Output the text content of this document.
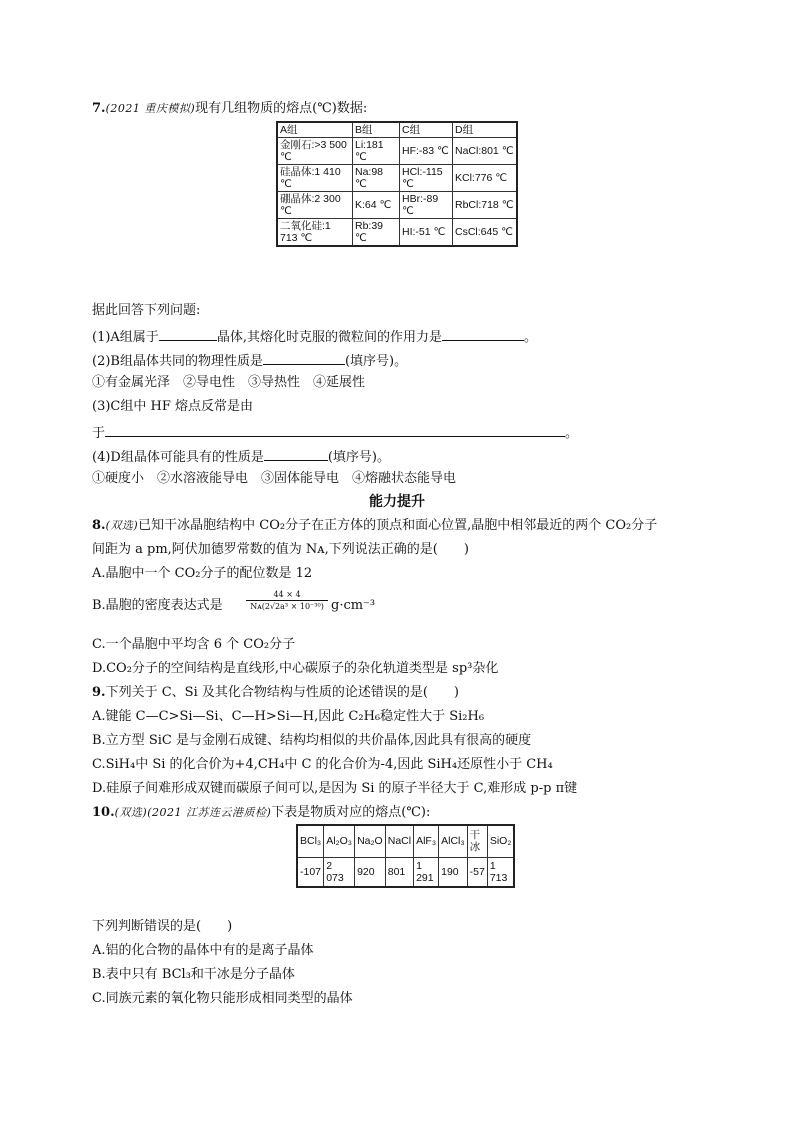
7.(2021 重庆模拟)现有几组物质的熔点(℃)数据:
A组	B组	C组	D组
金刚石:>3 500 ℃	Li:181 ℃	HF:-83 ℃	NaCl:801 ℃
硅晶体:1 410 ℃	Na:98 ℃	HCl:-115 ℃	KCl:776 ℃
硼晶体:2 300 ℃	K:64 ℃	HBr:-89 ℃	RbCl:718 ℃
二氧化硅:1 713 ℃	Rb:39 ℃	HI:-51 ℃	CsCl:645 ℃
据此回答下列问题:
(1)A组属于	晶体,其熔化时克服的微粒间的作用力是	。
(2)B组晶体共同的物理性质是	(填序号)。
①有金属光泽　②导电性　③导热性　④延展性
(3)C组中 HF 熔点反常是由
于	。
(4)D组晶体可能具有的性质是	(填序号)。
①硬度小　②水溶液能导电　③固体能导电　④熔融状态能导电
能力提升
8.(双选)已知干冰晶胞结构中 CO₂分子在正方体的顶点和面心位置,晶胞中相邻最近的两个 CO₂分子
间距为 a pm,阿伏加德罗常数的值为 Nᴀ,下列说法正确的是(　　)
A.晶胞中一个 CO₂分子的配位数是 12
B.晶胞的密度表达式是	$\frac{44 \times 4}{\text{Nᴀ(2√2a³ × 10⁻³⁰)}} g\cdot cm^{-3}$
C.一个晶胞中平均含 6 个 CO₂分子
D.CO₂分子的空间结构是直线形,中心碳原子的杂化轨道类型是 sp³杂化
9.下列关于 C、Si 及其化合物结构与性质的论述错误的是(　　)
A.键能 C—C>Si—Si、C—H>Si—H,因此 C₂H₆稳定性大于 Si₂H₆
B.立方型 SiC 是与金刚石成键、结构均相似的共价晶体,因此具有很高的硬度
C.SiH₄中 Si 的化合价为+4,CH₄中 C 的化合价为-4,因此 SiH₄还原性小于 CH₄
D.硅原子间难形成双键而碳原子间可以,是因为 Si 的原子半径大于 C,难形成 p-p π键
10.(双选)(2021 江苏连云港质检)下表是物质对应的熔点(℃):
BCl₃	Al₂O₃	Na₂O	NaCl	AlF₃	AlCl₃	干冰	SiO₂
-107	2 073	920	801	1 291	190	-57	1 713
下列判断错误的是(　　)
A.铝的化合物的晶体中有的是离子晶体
B.表中只有 BCl₃和干冰是分子晶体
C.同族元素的氧化物只能形成相同类型的晶体
